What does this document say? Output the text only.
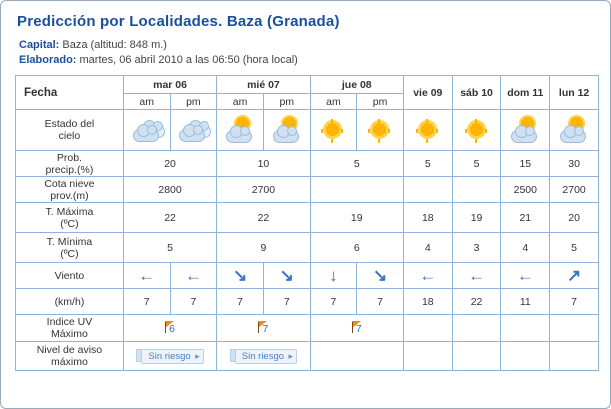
Predicción por Localidades. Baza (Granada)
Capital: Baza (altitud: 848 m.)
Elaborado: martes, 06 abril 2010 a las 06:50 (hora local)
Fecha	mar 06		mié 07		jue 08		vie 09	sáb 10	dom 11	lun 12
	am	pm	am	pm	am	pm				
Estado del
cielo	

Prob.
precip.(%)	20		10		5		5	5	15	30
Cota nieve
prov.(m)	2800		2700						2500	2700
T. Máxima
(ºC)	22		22		19		18	19	21	20
T. Mínima
(ºC)	5		9		6		4	3	4	5
Viento	←	←	↘	↘	↓	↘	←	←	←	↗
(km/h)	7	7	7	7	7	7	18	22	11	7
Indice UV
Máximo	6		7		7					
Nivel de aviso
máximo	Sin riesgo ▸		Sin riesgo ▸							
